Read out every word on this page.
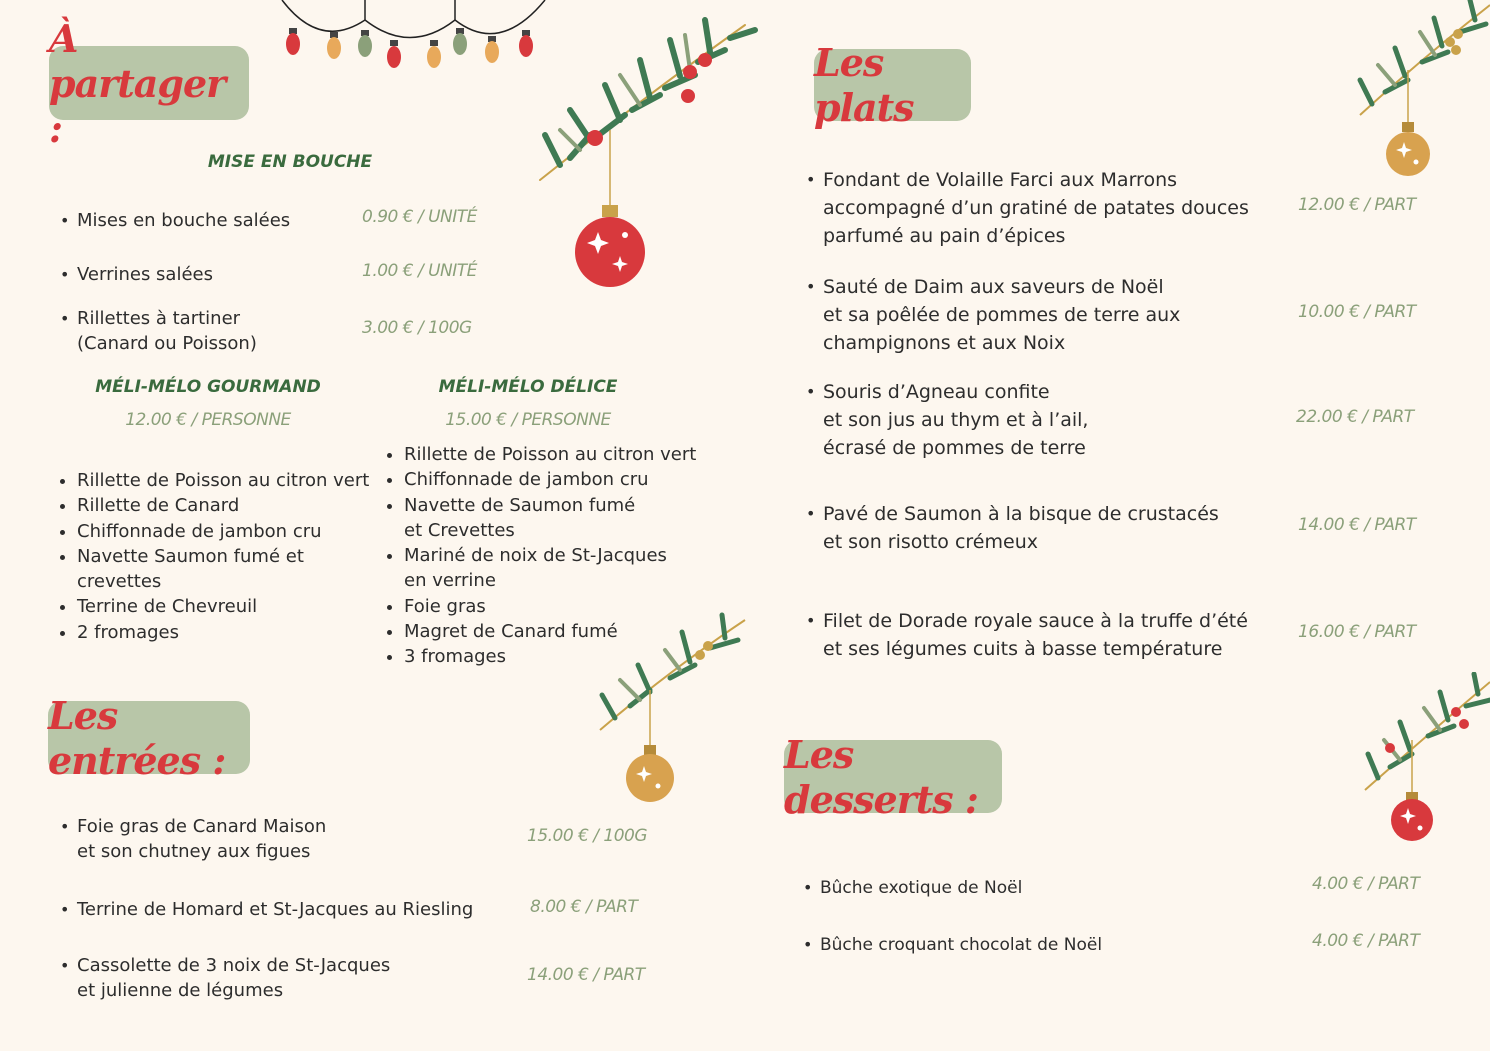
À partager :
Les plats
Les entrées :	Les desserts :
MISE EN BOUCHE
• Mises en bouche salées	0.90 € / UNITÉ
• Verrines salées	1.00 € / UNITÉ
• Rillettes à tartiner
(Canard ou Poisson)
3.00 € / 100G
MÉLI-MÉLO GOURMAND
12.00 € / PERSONNE
• Rillette de Poisson au citron vert
• Rillette de Canard
• Chiffonnade de jambon cru
• Navette Saumon fumé et
crevettes
• Terrine de Chevreuil
• 2 fromages
MÉLI-MÉLO DÉLICE
15.00 € / PERSONNE
• Rillette de Poisson au citron vert
• Chiffonnade de jambon cru
• Navette de Saumon fumé
et Crevettes
• Mariné de noix de St-Jacques
en verrine
• Foie gras
• Magret de Canard fumé
• 3 fromages
• Foie gras de Canard Maison
et son chutney aux figues
15.00 € / 100G
• Terrine de Homard et St-Jacques au Riesling	8.00 € / PART
• Cassolette de 3 noix de St-Jacques
et julienne de légumes
14.00 € / PART
• Fondant de Volaille Farci aux Marrons
accompagné d’un gratiné de patates douces
parfumé au pain d’épices
12.00 € / PART
• Sauté de Daim aux saveurs de Noël
et sa poêlée de pommes de terre aux
champignons et aux Noix
10.00 € / PART
• Souris d’Agneau confite
et son jus au thym et à l’ail,
écrasé de pommes de terre
22.00 € / PART
• Pavé de Saumon à la bisque de crustacés
et son risotto crémeux
14.00 € / PART
• Filet de Dorade royale sauce à la truffe d’été
et ses légumes cuits à basse température
16.00 € / PART
• Bûche exotique de Noël	4.00 € / PART
• Bûche croquant chocolat de Noël	4.00 € / PART
